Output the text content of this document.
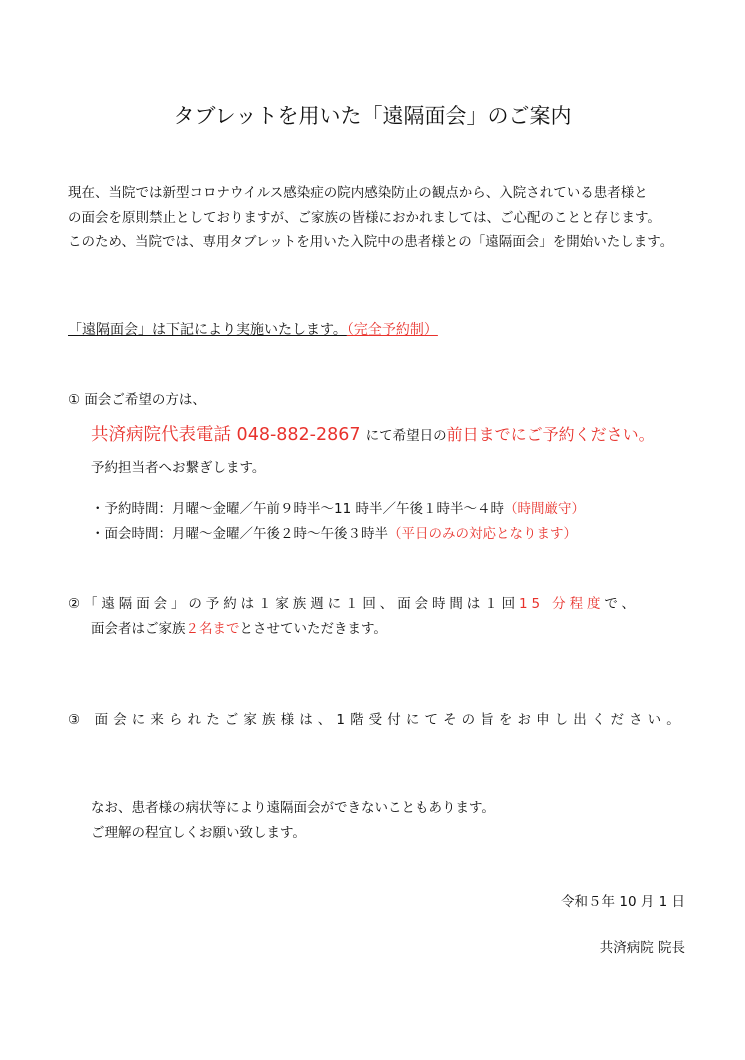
タブレットを用いた「遠隔面会」のご案内

現在、当院では新型コロナウイルス感染症の院内感染防止の観点から、入院されている患者様と

の面会を原則禁止としておりますが、ご家族の皆様におかれましては、ご心配のことと存じます。

このため、当院では、専用タブレットを用いた入院中の患者様との「遠隔面会」を開始いたします。

「遠隔面会」は下記により実施いたします。（完全予約制）
① 面会ご希望の方は、
共済病院代表電話 048-882-2867 にて希望日の前日までにご予約ください。
予約担当者へお繋ぎします。

・予約時間：月曜～金曜／午前９時半～11 時半／午後１時半～４時（時間厳守）

・面会時間：月曜～金曜／午後２時～午後３時半（平日のみの対応となります）

②「遠隔面会」の予約は１家族週に１回、面会時間は１回15 分程度で、

面会者はご家族２名までとさせていただきます。

③ 面会に来られたご家族様は、1階受付にてその旨をお申し出ください。

なお、患者様の病状等により遠隔面会ができないこともあります。

ご理解の程宜しくお願い致します。

令和５年 10 月 1 日
共済病院 院長
